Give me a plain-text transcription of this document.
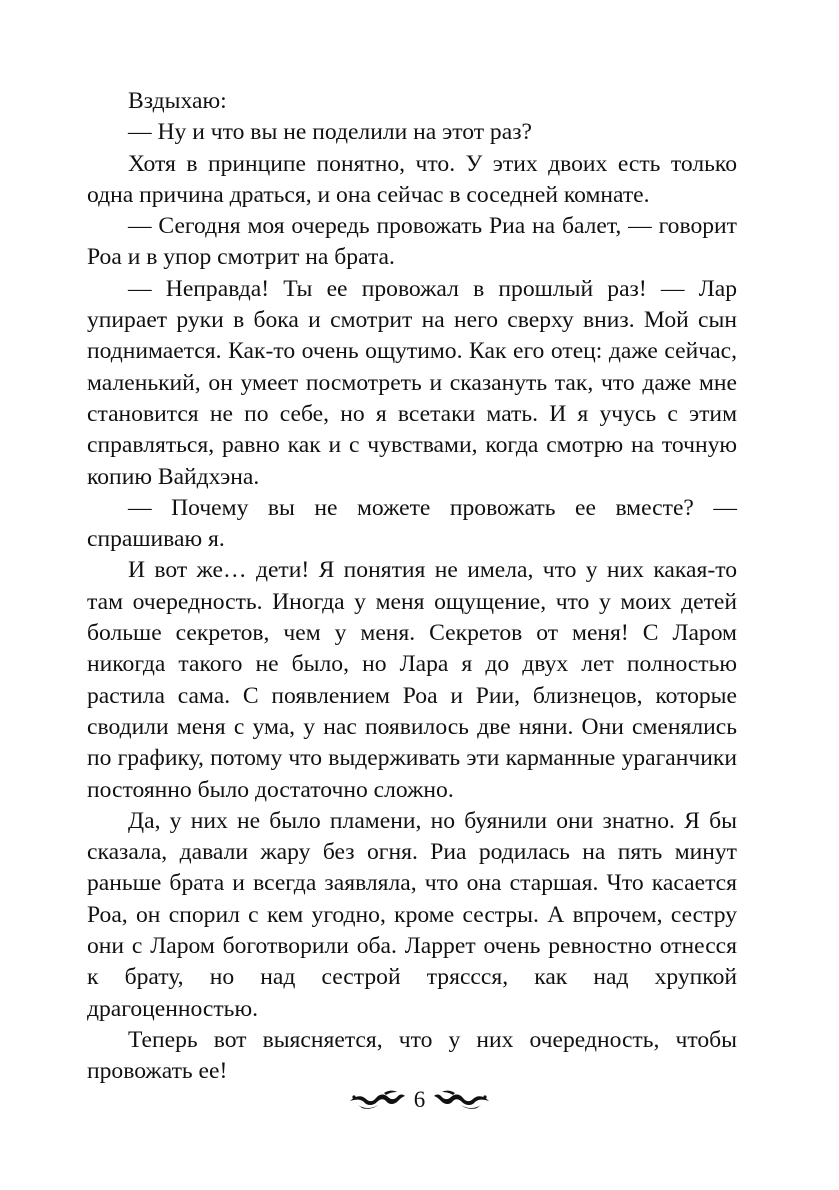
Вздыхаю:

— Ну и что вы не поделили на этот раз?

Хотя в принципе понятно, что. У этих двоих есть только одна причина драться, и она сейчас в соседней комнате.

— Сегодня моя очередь провожать Риа на балет, — говорит Роа и в упор смотрит на брата.

— Неправда! Ты ее провожал в прошлый раз! — Лар упирает руки в бока и смотрит на него сверху вниз. Мой сын поднимается. Как-то очень ощутимо. Как его отец: даже сейчас, маленький, он умеет посмотреть и сказануть так, что даже мне становится не по себе, но я всетаки мать. И я учусь с этим справляться, равно как и с чувствами, когда смотрю на точную копию Вайдхэна.

— Почему вы не можете провожать ее вместе? — спрашиваю я.

И вот же… дети! Я понятия не имела, что у них какая-то там очередность. Иногда у меня ощущение, что у моих детей больше секретов, чем у меня. Секретов от меня! С Ларом никогда такого не было, но Лара я до двух лет полностью растила сама. С появлением Роа и Рии, близнецов, которые сводили меня с ума, у нас появилось две няни. Они сменялись по графику, потому что выдерживать эти карманные ураганчики постоянно было достаточно сложно.

Да, у них не было пламени, но буянили они знатно. Я бы сказала, давали жару без огня. Риа родилась на пять минут раньше брата и всегда заявляла, что она старшая. Что касается Роа, он спорил с кем угодно, кроме сестры. А впрочем, сестру они с Ларом боготворили оба. Ларрет очень ревностно отнесся к брату, но над сестрой тряссся, как над хрупкой драгоценностью.

Теперь вот выясняется, что у них очередность, чтобы провожать ее!

6
